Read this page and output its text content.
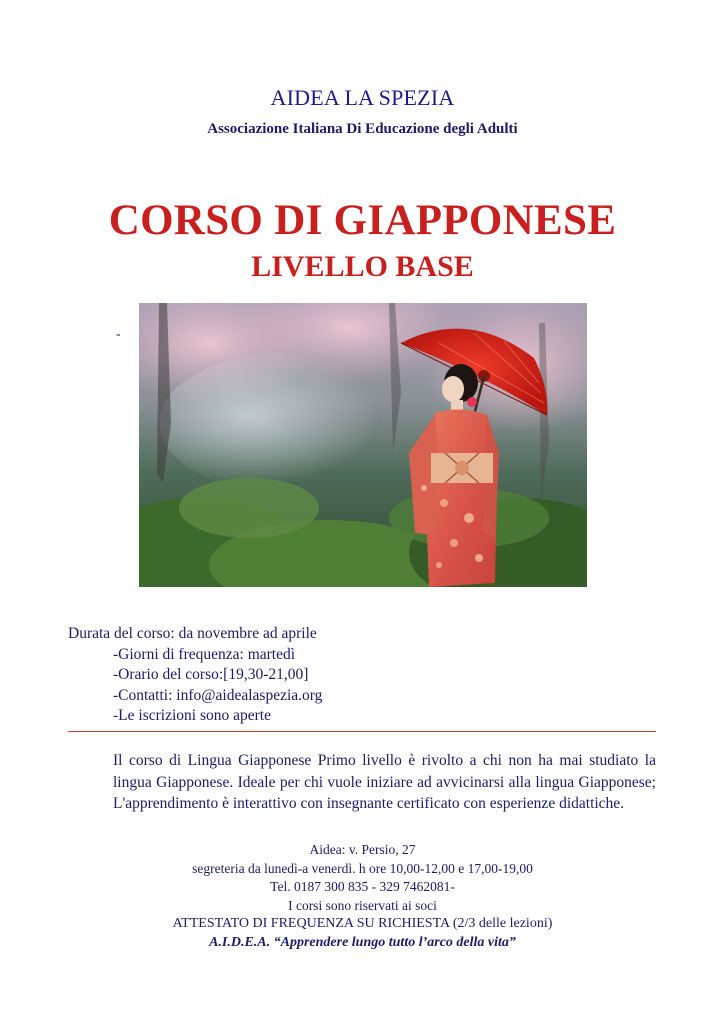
AIDEA LA SPEZIA
Associazione Italiana Di Educazione degli Adulti
CORSO DI GIAPPONESE
LIVELLO BASE
-
Durata del corso: da novembre ad aprile
-Giorni di frequenza: martedì
-Orario del corso:[19,30-21,00]
-Contatti: info@aidealaspezia.org
-Le iscrizioni sono aperte
Il corso di Lingua Giapponese Primo livello è rivolto a chi non ha mai studiato la lingua Giapponese. Ideale per chi vuole iniziare ad avvicinarsi alla lingua Giapponese; L'apprendimento è interattivo con insegnante certificato con esperienze didattiche.
Aidea: v. Persio, 27
segreteria da lunedì-a venerdì. h ore 10,00-12,00 e 17,00-19,00
Tel. 0187 300 835 - 329 7462081-
I corsi sono riservati ai soci
ATTESTATO DI FREQUENZA SU RICHIESTA (2/3 delle lezioni)
A.I.D.E.A. “Apprendere lungo tutto l’arco della vita”
